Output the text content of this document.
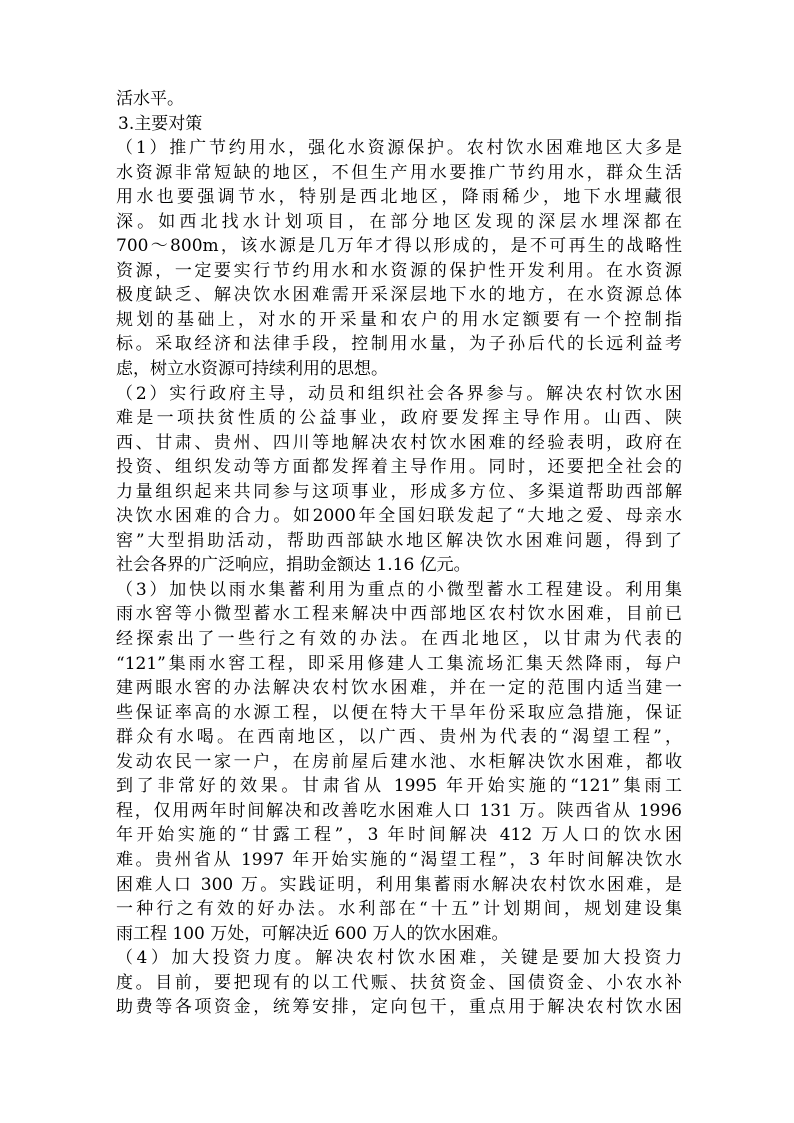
活水平。
3.主要对策
（1）推广节约用水，强化水资源保护。农村饮水困难地区大多是
水资源非常短缺的地区，不但生产用水要推广节约用水，群众生活
用水也要强调节水，特别是西北地区，降雨稀少，地下水埋藏很
深。如西北找水计划项目，在部分地区发现的深层水埋深都在
700～800m，该水源是几万年才得以形成的，是不可再生的战略性
资源，一定要实行节约用水和水资源的保护性开发利用。在水资源
极度缺乏、解决饮水困难需开采深层地下水的地方，在水资源总体
规划的基础上，对水的开采量和农户的用水定额要有一个控制指
标。采取经济和法律手段，控制用水量，为子孙后代的长远利益考
虑，树立水资源可持续利用的思想。
（2）实行政府主导，动员和组织社会各界参与。解决农村饮水困
难是一项扶贫性质的公益事业，政府要发挥主导作用。山西、陕
西、甘肃、贵州、四川等地解决农村饮水困难的经验表明，政府在
投资、组织发动等方面都发挥着主导作用。同时，还要把全社会的
力量组织起来共同参与这项事业，形成多方位、多渠道帮助西部解
决饮水困难的合力。如2000年全国妇联发起了“大地之爱、母亲水
窖”大型捐助活动，帮助西部缺水地区解决饮水困难问题，得到了
社会各界的广泛响应，捐助金额达 1.16 亿元。
（3）加快以雨水集蓄利用为重点的小微型蓄水工程建设。利用集
雨水窖等小微型蓄水工程来解决中西部地区农村饮水困难，目前已
经探索出了一些行之有效的办法。在西北地区，以甘肃为代表的
“121”集雨水窖工程，即采用修建人工集流场汇集天然降雨，每户
建两眼水窖的办法解决农村饮水困难，并在一定的范围内适当建一
些保证率高的水源工程，以便在特大干旱年份采取应急措施，保证
群众有水喝。在西南地区，以广西、贵州为代表的“渴望工程”，
发动农民一家一户，在房前屋后建水池、水柜解决饮水困难，都收
到了非常好的效果。甘肃省从 1995 年开始实施的“121”集雨工
程，仅用两年时间解决和改善吃水困难人口 131 万。陕西省从 1996
年开始实施的“甘露工程”，3 年时间解决 412 万人口的饮水困
难。贵州省从 1997 年开始实施的“渴望工程”，3 年时间解决饮水
困难人口 300 万。实践证明，利用集蓄雨水解决农村饮水困难，是
一种行之有效的好办法。水利部在“十五”计划期间，规划建设集
雨工程 100 万处，可解决近 600 万人的饮水困难。
（4）加大投资力度。解决农村饮水困难，关键是要加大投资力
度。目前，要把现有的以工代赈、扶贫资金、国债资金、小农水补
助费等各项资金，统筹安排，定向包干，重点用于解决农村饮水困
